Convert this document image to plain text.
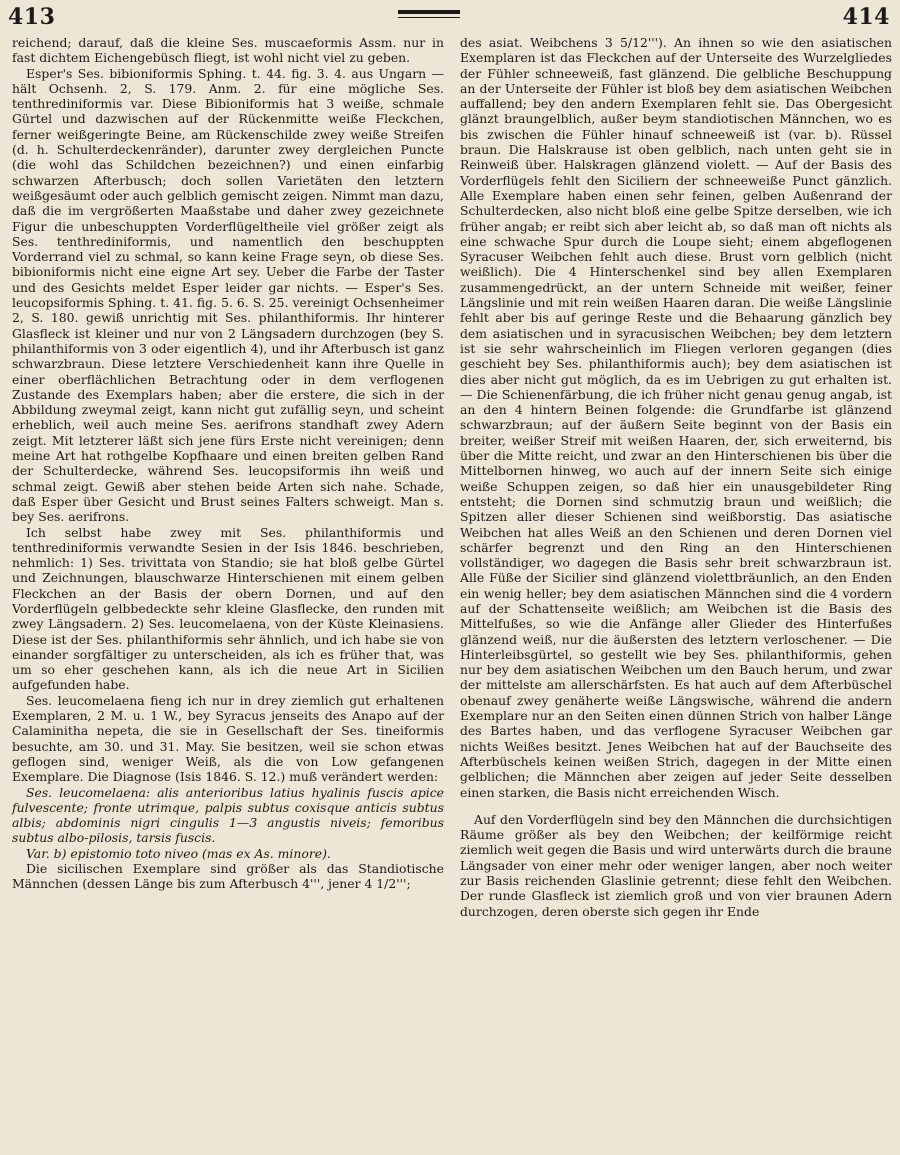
413	414

reichend; darauf, daß die kleine Ses. muscaeformis Assm. nur in fast dichtem Eichengebüsch fliegt, ist wohl nicht viel zu geben.

Esper's Ses. bibioniformis Sphing. t. 44. fig. 3. 4. aus Ungarn — hält Ochsenh. 2, S. 179. Anm. 2. für eine mögliche Ses. tenthrediniformis var. Diese Bibioniformis hat 3 weiße, schmale Gürtel und dazwischen auf der Rückenmitte weiße Fleckchen, ferner weißgeringte Beine, am Rückenschilde zwey weiße Streifen (d. h. Schulterdeckenränder), darunter zwey dergleichen Puncte (die wohl das Schildchen bezeichnen?) und einen einfarbig schwarzen Afterbusch; doch sollen Varietäten den letztern weißgesäumt oder auch gelblich gemischt zeigen. Nimmt man dazu, daß die im vergrößerten Maaßstabe und daher zwey gezeichnete Figur die unbeschuppten Vorderflügeltheile viel größer zeigt als Ses. tenthrediniformis, und namentlich den beschuppten Vorderrand viel zu schmal, so kann keine Frage seyn, ob diese Ses. bibioniformis nicht eine eigne Art sey. Ueber die Farbe der Taster und des Gesichts meldet Esper leider gar nichts. — Esper's Ses. leucopsiformis Sphing. t. 41. fig. 5. 6. S. 25. vereinigt Ochsenheimer 2, S. 180. gewiß unrichtig mit Ses. philanthiformis. Ihr hinterer Glasfleck ist kleiner und nur von 2 Längsadern durchzogen (bey S. philanthiformis von 3 oder eigentlich 4), und ihr Afterbusch ist ganz schwarzbraun. Diese letztere Verschiedenheit kann ihre Quelle in einer oberflächlichen Betrachtung oder in dem verflogenen Zustande des Exemplars haben; aber die erstere, die sich in der Abbildung zweymal zeigt, kann nicht gut zufällig seyn, und scheint erheblich, weil auch meine Ses. aerifrons standhaft zwey Adern zeigt. Mit letzterer läßt sich jene fürs Erste nicht vereinigen; denn meine Art hat rothgelbe Kopfhaare und einen breiten gelben Rand der Schulterdecke, während Ses. leucopsiformis ihn weiß und schmal zeigt. Gewiß aber stehen beide Arten sich nahe. Schade, daß Esper über Gesicht und Brust seines Falters schweigt. Man s. bey Ses. aerifrons.

Ich selbst habe zwey mit Ses. philanthiformis und tenthrediniformis verwandte Sesien in der Isis 1846. beschrieben, nehmlich: 1) Ses. trivittata von Standio; sie hat bloß gelbe Gürtel und Zeichnungen, blauschwarze Hinterschienen mit einem gelben Fleckchen an der Basis der obern Dornen, und auf den Vorderflügeln gelbbedeckte sehr kleine Glasflecke, den runden mit zwey Längsadern. 2) Ses. leucomelaena, von der Küste Kleinasiens. Diese ist der Ses. philanthiformis sehr ähnlich, und ich habe sie von einander sorgfältiger zu unterscheiden, als ich es früher that, was um so eher geschehen kann, als ich die neue Art in Sicilien aufgefunden habe.

Ses. leucomelaena fieng ich nur in drey ziemlich gut erhaltenen Exemplaren, 2 M. u. 1 W., bey Syracus jenseits des Anapo auf der Calaminitha nepeta, die sie in Gesellschaft der Ses. tineiformis besuchte, am 30. und 31. May. Sie besitzen, weil sie schon etwas geflogen sind, weniger Weiß, als die von Low gefangenen Exemplare. Die Diagnose (Isis 1846. S. 12.) muß verändert werden:

Ses. leucomelaena: alis anterioribus latius hyalinis fuscis apice fulvescente; fronte utrimque, palpis subtus coxisque anticis subtus albis; abdominis nigri cingulis 1—3 angustis niveis; femoribus subtus albo-pilosis, tarsis fuscis.

Var. b) epistomio toto niveo (mas ex As. minore).

Die sicilischen Exemplare sind größer als das Standiotische Männchen (dessen Länge bis zum Afterbusch 4''', jener 4 1/2''';

des asiat. Weibchens 3 5/12'''). An ihnen so wie den asiatischen Exemplaren ist das Fleckchen auf der Unterseite des Wurzelgliedes der Fühler schneeweiß, fast glänzend. Die gelbliche Beschuppung an der Unterseite der Fühler ist bloß bey dem asiatischen Weibchen auffallend; bey den andern Exemplaren fehlt sie. Das Obergesicht glänzt braungelblich, außer beym standiotischen Männchen, wo es bis zwischen die Fühler hinauf schneeweiß ist (var. b). Rüssel braun. Die Halskrause ist oben gelblich, nach unten geht sie in Reinweiß über. Halskragen glänzend violett. — Auf der Basis des Vorderflügels fehlt den Siciliern der schneeweiße Punct gänzlich. Alle Exemplare haben einen sehr feinen, gelben Außenrand der Schulterdecken, also nicht bloß eine gelbe Spitze derselben, wie ich früher angab; er reibt sich aber leicht ab, so daß man oft nichts als eine schwache Spur durch die Loupe sieht; einem abgeflogenen Syracuser Weibchen fehlt auch diese. Brust vorn gelblich (nicht weißlich). Die 4 Hinterschenkel sind bey allen Exemplaren zusammengedrückt, an der untern Schneide mit weißer, feiner Längslinie und mit rein weißen Haaren daran. Die weiße Längslinie fehlt aber bis auf geringe Reste und die Behaarung gänzlich bey dem asiatischen und in syracusischen Weibchen; bey dem letztern ist sie sehr wahrscheinlich im Fliegen verloren gegangen (dies geschieht bey Ses. philanthiformis auch); bey dem asiatischen ist dies aber nicht gut möglich, da es im Uebrigen zu gut erhalten ist. — Die Schienenfärbung, die ich früher nicht genau genug angab, ist an den 4 hintern Beinen folgende: die Grundfarbe ist glänzend schwarzbraun; auf der äußern Seite beginnt von der Basis ein breiter, weißer Streif mit weißen Haaren, der, sich erweiternd, bis über die Mitte reicht, und zwar an den Hinterschienen bis über die Mittelbornen hinweg, wo auch auf der innern Seite sich einige weiße Schuppen zeigen, so daß hier ein unausgebildeter Ring entsteht; die Dornen sind schmutzig braun und weißlich; die Spitzen aller dieser Schienen sind weißborstig. Das asiatische Weibchen hat alles Weiß an den Schienen und deren Dornen viel schärfer begrenzt und den Ring an den Hinterschienen vollständiger, wo dagegen die Basis sehr breit schwarzbraun ist. Alle Füße der Sicilier sind glänzend violettbräunlich, an den Enden ein wenig heller; bey dem asiatischen Männchen sind die 4 vordern auf der Schattenseite weißlich; am Weibchen ist die Basis des Mittelfußes, so wie die Anfänge aller Glieder des Hinterfußes glänzend weiß, nur die äußersten des letztern verloschener. — Die Hinterleibsgürtel, so gestellt wie bey Ses. philanthiformis, gehen nur bey dem asiatischen Weibchen um den Bauch herum, und zwar der mittelste am allerschärfsten. Es hat auch auf dem Afterbüschel obenauf zwey genäherte weiße Längswische, während die andern Exemplare nur an den Seiten einen dünnen Strich von halber Länge des Bartes haben, und das verflogene Syracuser Weibchen gar nichts Weißes besitzt. Jenes Weibchen hat auf der Bauchseite des Afterbüschels keinen weißen Strich, dagegen in der Mitte einen gelblichen; die Männchen aber zeigen auf jeder Seite desselben einen starken, die Basis nicht erreichenden Wisch.

Auf den Vorderflügeln sind bey den Männchen die durchsichtigen Räume größer als bey den Weibchen; der keilförmige reicht ziemlich weit gegen die Basis und wird unterwärts durch die braune Längsader von einer mehr oder weniger langen, aber noch weiter zur Basis reichenden Glaslinie getrennt; diese fehlt den Weibchen. Der runde Glasfleck ist ziemlich groß und von vier braunen Adern durchzogen, deren oberste sich gegen ihr Ende
